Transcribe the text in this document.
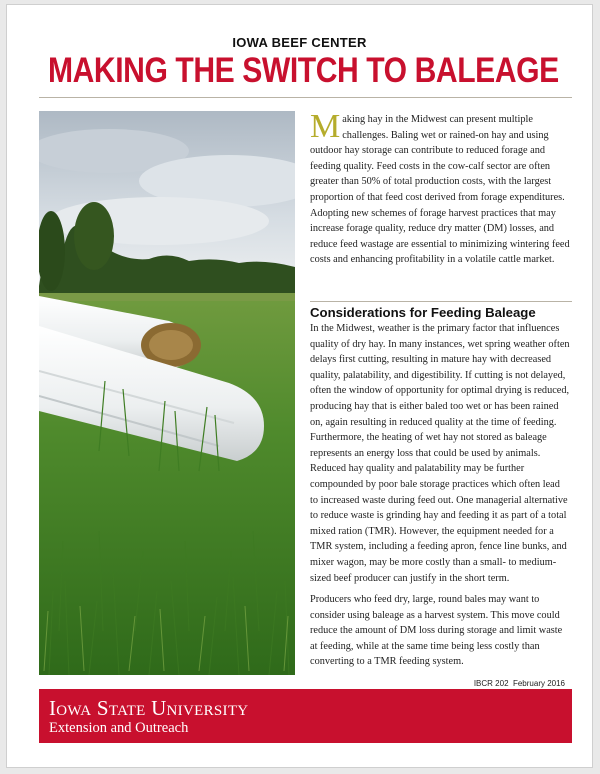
IOWA BEEF CENTER
MAKING THE SWITCH TO BALEAGE
Making hay in the Midwest can present multiple challenges. Baling wet or rained-on hay and using outdoor hay storage can contribute to reduced forage and feeding quality. Feed costs in the cow-calf sector are often greater than 50% of total production costs, with the largest proportion of that feed cost derived from forage expenditures. Adopting new schemes of forage harvest practices that may increase forage quality, reduce dry matter (DM) losses, and reduce feed wastage are essential to minimizing wintering feed costs and enhancing profitability in a volatile cattle market.
Considerations for Feeding Baleage
In the Midwest, weather is the primary factor that influences quality of dry hay. In many instances, wet spring weather often delays first cutting, resulting in mature hay with decreased quality, palatability, and digestibility. If cutting is not delayed, often the window of opportunity for optimal drying is reduced, producing hay that is either baled too wet or has been rained on, again resulting in reduced quality at the time of feeding. Furthermore, the heating of wet hay not stored as baleage represents an energy loss that could be used by animals. Reduced hay quality and palatability may be further compounded by poor bale storage practices which often lead to increased waste during feed out. One managerial alternative to reduce waste is grinding hay and feeding it as part of a total mixed ration (TMR). However, the equipment needed for a TMR system, including a feeding apron, fence line bunks, and mixer wagon, may be more costly than a small- to medium-sized beef producer can justify in the short term.
Producers who feed dry, large, round bales may want to consider using baleage as a harvest system. This move could reduce the amount of DM loss during storage and limit waste at feeding, while at the same time being less costly than converting to a TMR feeding system.
IBCR 202 February 2016
Iowa State University
Extension and Outreach
